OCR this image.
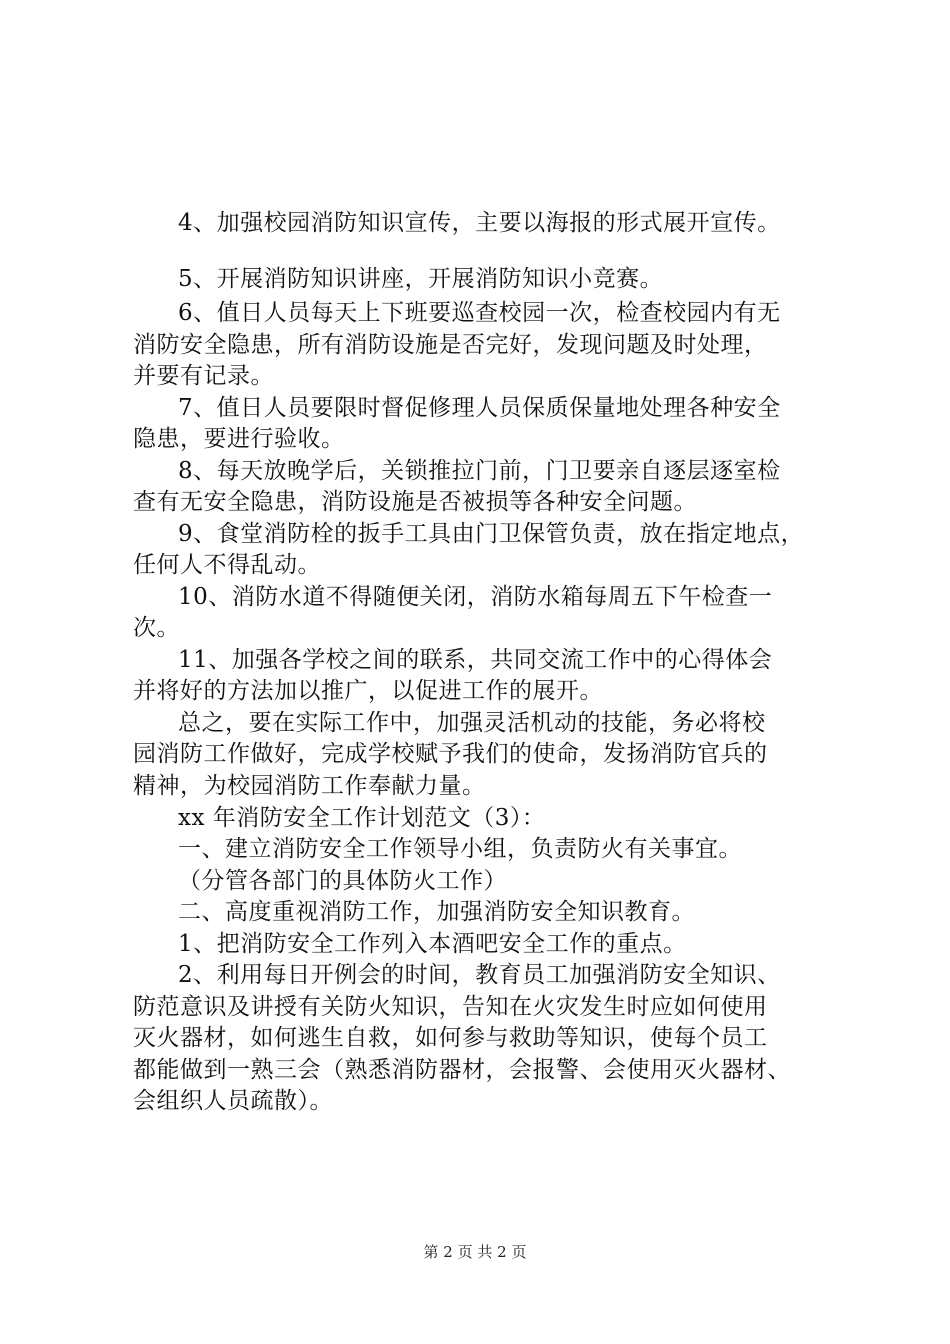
4、加强校园消防知识宣传，主要以海报的形式展开宣传。
5、开展消防知识讲座，开展消防知识小竞赛。
6、值日人员每天上下班要巡查校园一次，检查校园内有无
消防安全隐患，所有消防设施是否完好，发现问题及时处理，
并要有记录。
7、值日人员要限时督促修理人员保质保量地处理各种安全
隐患，要进行验收。
8、每天放晚学后，关锁推拉门前，门卫要亲自逐层逐室检
查有无安全隐患，消防设施是否被损等各种安全问题。
9、食堂消防栓的扳手工具由门卫保管负责，放在指定地点，
任何人不得乱动。
10、消防水道不得随便关闭，消防水箱每周五下午检查一
次。
11、加强各学校之间的联系，共同交流工作中的心得体会
并将好的方法加以推广，以促进工作的展开。
总之，要在实际工作中，加强灵活机动的技能，务必将校
园消防工作做好，完成学校赋予我们的使命，发扬消防官兵的
精神，为校园消防工作奉献力量。
xx 年消防安全工作计划范文（3）：
一、建立消防安全工作领导小组，负责防火有关事宜。
（分管各部门的具体防火工作）
二、高度重视消防工作，加强消防安全知识教育。
1、把消防安全工作列入本酒吧安全工作的重点。
2、利用每日开例会的时间，教育员工加强消防安全知识、
防范意识及讲授有关防火知识，告知在火灾发生时应如何使用
灭火器材，如何逃生自救，如何参与救助等知识，使每个员工
都能做到一熟三会（熟悉消防器材，会报警、会使用灭火器材、
会组织人员疏散）。
第 2 页 共 2 页
